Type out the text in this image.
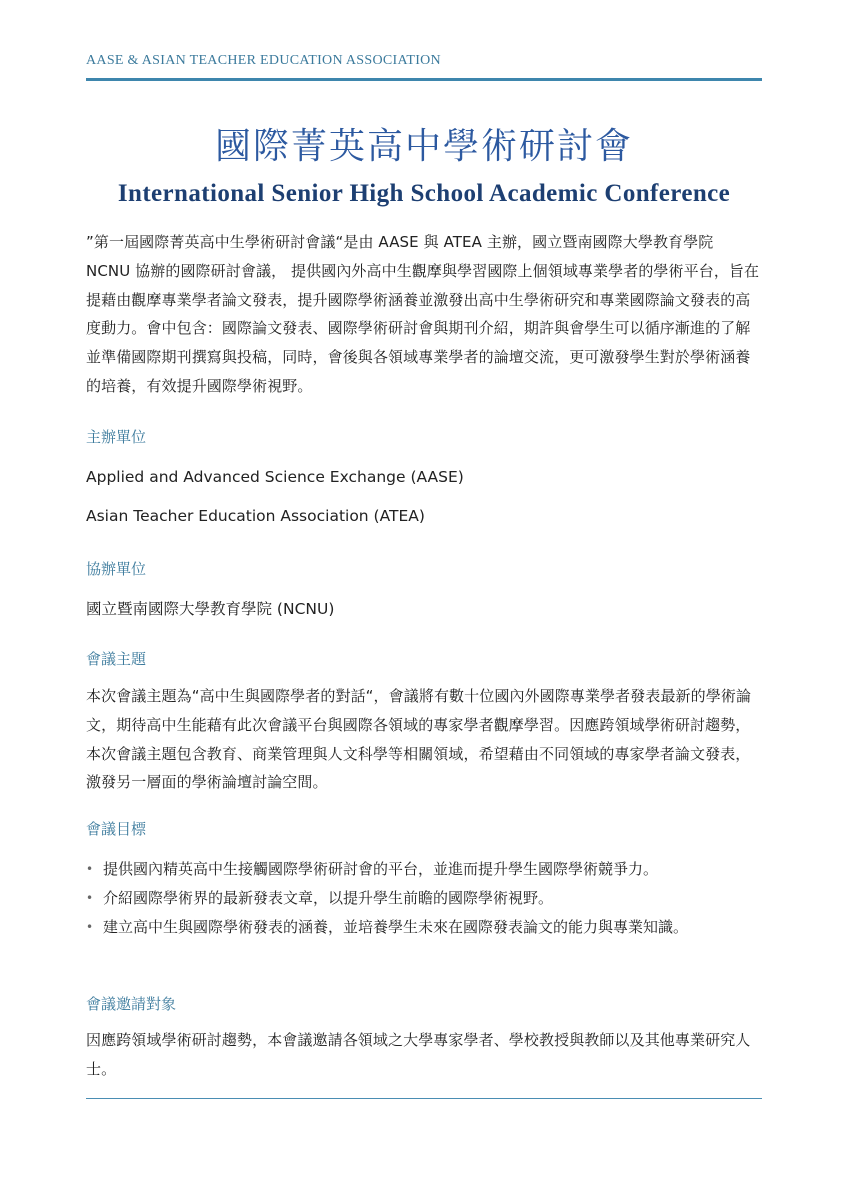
AASE & ASIAN TEACHER EDUCATION ASSOCIATION
國際菁英高中學術研討會
International Senior High School Academic Conference

”第一屆國際菁英高中生學術研討會議“是由 AASE 與 ATEA 主辦，國立暨南國際大學教育學院 NCNU 協辦的國際研討會議， 提供國內外高中生觀摩與學習國際上個領域專業學者的學術平台，旨在提藉由觀摩專業學者論文發表，提升國際學術涵養並激發出高中生學術研究和專業國際論文發表的高度動力。會中包含：國際論文發表、國際學術研討會與期刊介紹，期許與會學生可以循序漸進的了解並準備國際期刊撰寫與投稿，同時，會後與各領域專業學者的論壇交流，更可激發學生對於學術涵養的培養，有效提升國際學術視野。

主辦單位
Applied and Advanced Science Exchange (AASE)
Asian Teacher Education Association (ATEA)
協辦單位
國立暨南國際大學教育學院 (NCNU)
會議主題

本次會議主題為“高中生與國際學者的對話“，會議將有數十位國內外國際專業學者發表最新的學術論文，期待高中生能藉有此次會議平台與國際各領域的專家學者觀摩學習。因應跨領域學術研討趨勢，本次會議主題包含教育、商業管理與人文科學等相關領域，希望藉由不同領域的專家學者論文發表，激發另一層面的學術論壇討論空間。

會議目標
• 提供國內精英高中生接觸國際學術研討會的平台，並進而提升學生國際學術競爭力。
• 介紹國際學術界的最新發表文章，以提升學生前瞻的國際學術視野。
• 建立高中生與國際學術發表的涵養，並培養學生未來在國際發表論文的能力與專業知識。
會議邀請對象

因應跨領域學術研討趨勢，本會議邀請各領域之大學專家學者、學校教授與教師以及其他專業研究人士。
